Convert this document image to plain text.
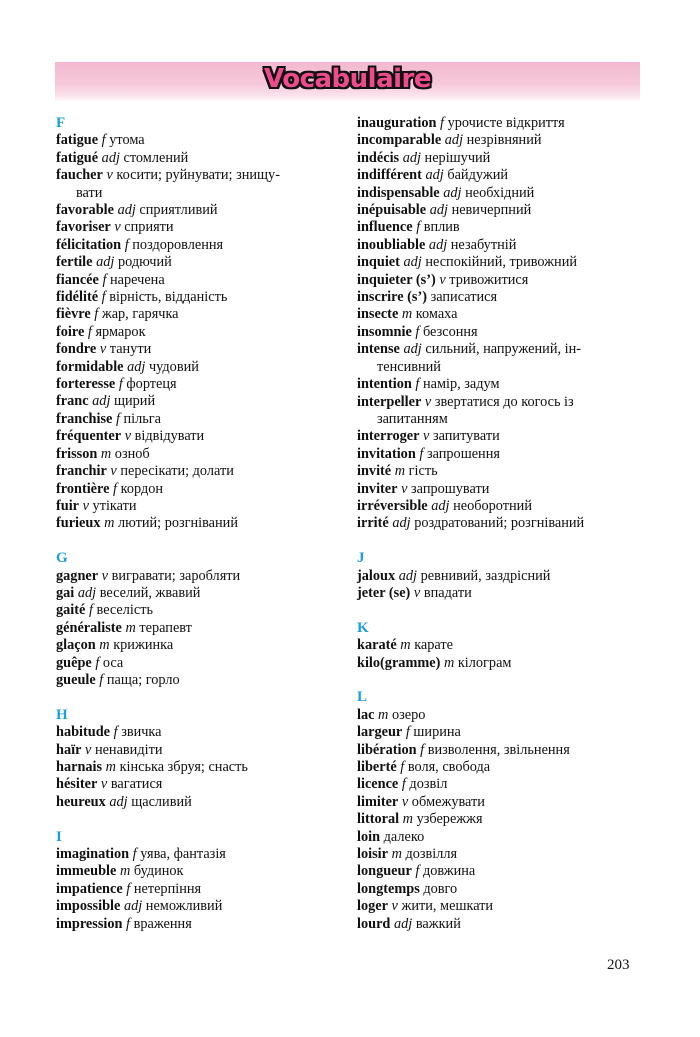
Vocabulaire
F
fatigue f утома
fatigué adj стомлений
faucher v косити; руйнувати; знищу-
вати
favorable adj сприятливий
favoriser v сприяти
félicitation f поздоровлення
fertile adj родючий
fiancée f наречена
fidélité f вірність, відданість
fièvre f жар, гарячка
foire f ярмарок
fondre v танути
formidable adj чудовий
forteresse f фортеця
franc adj щирий
franchise f пільга
fréquenter v відвідувати
frisson m озноб
franchir v пересікати; долати
frontière f кордон
fuir v утікати
furieux m лютий; розгніваний
G
gagner v вигравати; заробляти
gai adj веселий, жвавий
gaité f веселість
généraliste m терапевт
glaçon m крижинка
guêpe f оса
gueule f пащa; горло
H
habitude f звичка
haïr v ненавидіти
harnais m кінська збруя; снасть
hésiter v вагатися
heureux adj щасливий
I
imagination f уява, фантазія
immeuble m будинок
impatience f нетерпіння
impossible adj неможливий
impression f враження
inauguration f урочисте відкриття
incomparable adj незрівняний
indécis adj нерішучий
indifférent adj байдужий
indispensable adj необхідний
inépuisable adj невичерпний
influence f вплив
inoubliable adj незабутній
inquiet adj неспокійний, тривожний
inquieter (s’) v тривожитися
inscrire (s’) записатися
insecte m комаха
insomnie f безсоння
intense adj сильний, напружений, ін-
тенсивний
intention f намір, задум
interpeller v звертатися до когось із
запитанням
interroger v запитувати
invitation f запрошення
invité m гість
inviter v запрошувати
irréversible adj необоротний
irrité adj роздратований; розгніваний
J
jaloux adj ревнивий, заздрісний
jeter (se) v впадати
K
karaté m карате
kilo(gramme) m кілограм
L
lac m озеро
largeur f ширина
libération f визволення, звільнення
liberté f воля, свобода
licence f дозвіл
limiter v обмежувати
littoral m узбережжя
loin далеко
loisir m дозвілля
longueur f довжина
longtemps довго
loger v жити, мешкати
lourd adj важкий
203
